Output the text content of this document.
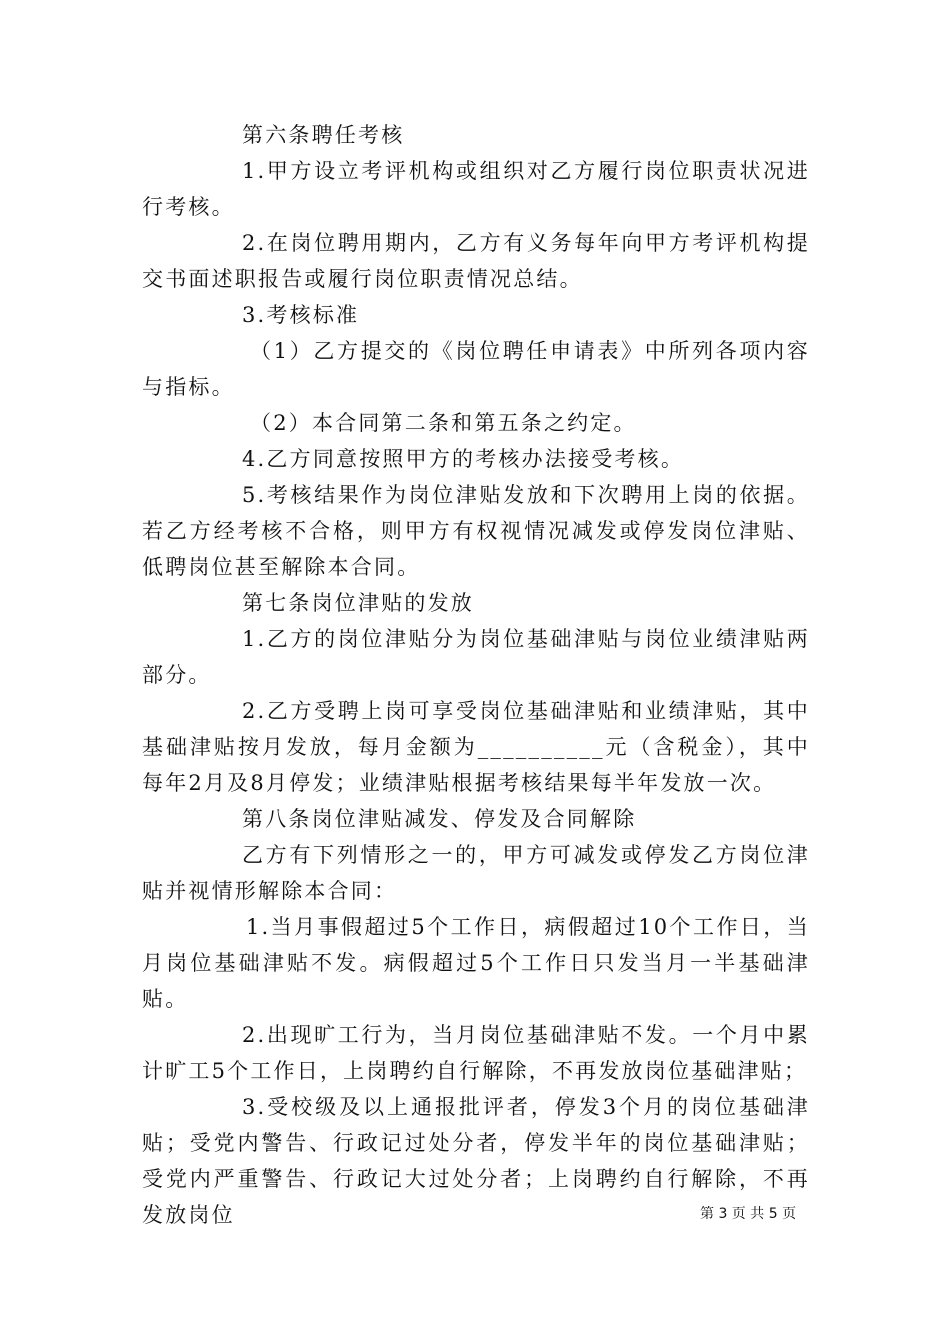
第六条聘任考核

1.甲方设立考评机构或组织对乙方履行岗位职责状况进行考核。

2.在岗位聘用期内，乙方有义务每年向甲方考评机构提交书面述职报告或履行岗位职责情况总结。

3.考核标准

（1）乙方提交的《岗位聘任申请表》中所列各项内容与指标。

（2）本合同第二条和第五条之约定。

4.乙方同意按照甲方的考核办法接受考核。

5.考核结果作为岗位津贴发放和下次聘用上岗的依据。若乙方经考核不合格，则甲方有权视情况减发或停发岗位津贴、低聘岗位甚至解除本合同。

第七条岗位津贴的发放

1.乙方的岗位津贴分为岗位基础津贴与岗位业绩津贴两部分。

2.乙方受聘上岗可享受岗位基础津贴和业绩津贴，其中基础津贴按月发放，每月金额为__________元（含税金），其中每年2月及8月停发；业绩津贴根据考核结果每半年发放一次。

第八条岗位津贴减发、停发及合同解除

乙方有下列情形之一的，甲方可减发或停发乙方岗位津贴并视情形解除本合同：

1.当月事假超过5个工作日，病假超过10个工作日，当月岗位基础津贴不发。病假超过5个工作日只发当月一半基础津贴。

2.出现旷工行为，当月岗位基础津贴不发。一个月中累计旷工5个工作日，上岗聘约自行解除，不再发放岗位基础津贴；

3.受校级及以上通报批评者，停发3个月的岗位基础津贴；受党内警告、行政记过处分者，停发半年的岗位基础津贴；受党内严重警告、行政记大过处分者；上岗聘约自行解除，不再发放岗位	第 3 页 共 5 页
